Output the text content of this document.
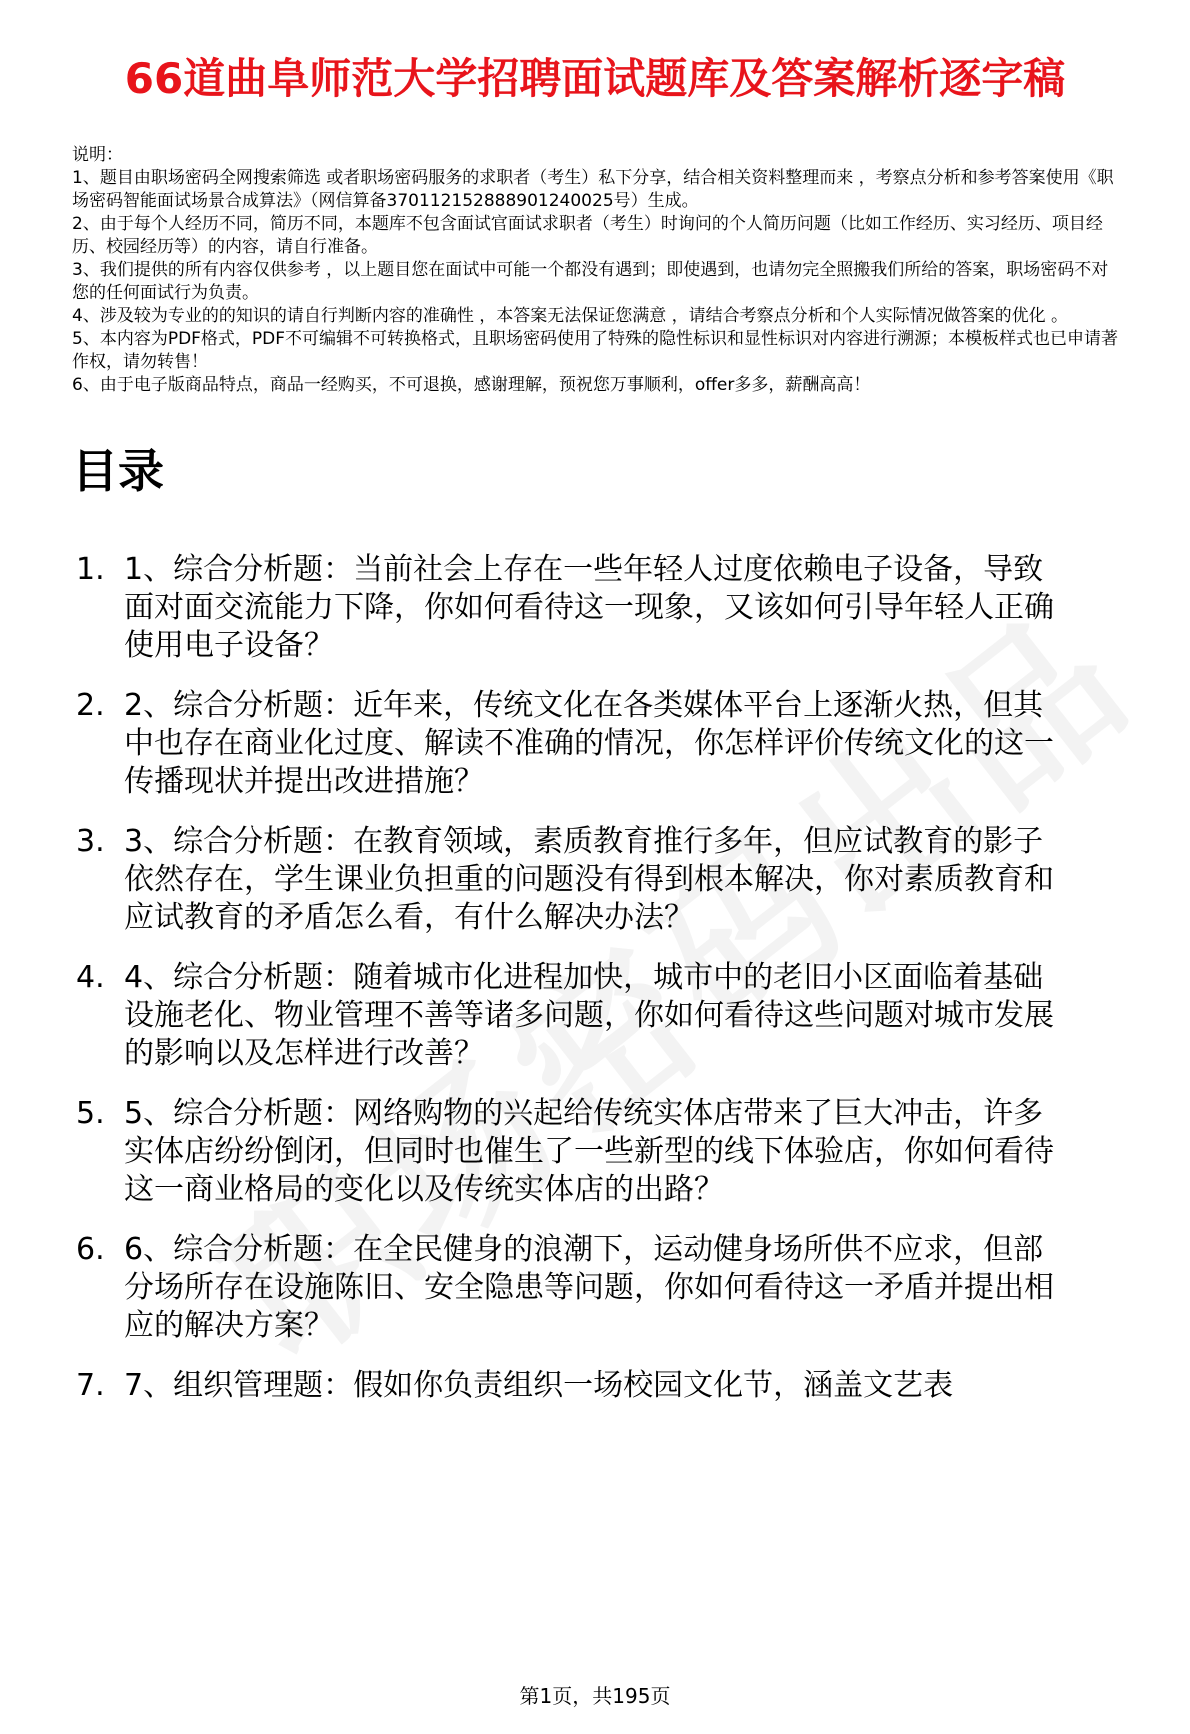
66道曲阜师范大学招聘面试题库及答案解析逐字稿

说明：

1、题目由职场密码全网搜索筛选 或者职场密码服务的求职者（考生）私下分享，结合相关资料整理而来 ，考察点分析和参考答案使用《职场密码智能面试场景合成算法》（网信算备370112152888901240025号）生成。

2、由于每个人经历不同，简历不同，本题库不包含面试官面试求职者（考生）时询问的个人简历问题（比如工作经历、实习经历、项目经历、校园经历等）的内容，请自行准备。

3、我们提供的所有内容仅供参考 ，以上题目您在面试中可能一个都没有遇到；即使遇到，也请勿完全照搬我们所给的答案，职场密码不对您的任何面试行为负责。

4、涉及较为专业的的知识的请自行判断内容的准确性 ，本答案无法保证您满意 ，请结合考察点分析和个人实际情况做答案的优化 。

5、本内容为PDF格式，PDF不可编辑不可转换格式，且职场密码使用了特殊的隐性标识和显性标识对内容进行溯源；本模板样式也已申请著作权，请勿转售！

6、由于电子版商品特点，商品一经购买，不可退换，感谢理解，预祝您万事顺利，offer多多，薪酬高高！

目录
1. 1、综合分析题：当前社会上存在一些年轻人过度依赖电子设备，导致面对面交流能力下降，你如何看待这一现象，又该如何引导年轻人正确使用电子设备？
2. 2、综合分析题：近年来，传统文化在各类媒体平台上逐渐火热，但其中也存在商业化过度、解读不准确的情况，你怎样评价传统文化的这一传播现状并提出改进措施？
3. 3、综合分析题：在教育领域，素质教育推行多年，但应试教育的影子依然存在，学生课业负担重的问题没有得到根本解决，你对素质教育和应试教育的矛盾怎么看，有什么解决办法？
4. 4、综合分析题：随着城市化进程加快，城市中的老旧小区面临着基础设施老化、物业管理不善等诸多问题，你如何看待这些问题对城市发展的影响以及怎样进行改善？
5. 5、综合分析题：网络购物的兴起给传统实体店带来了巨大冲击，许多实体店纷纷倒闭，但同时也催生了一些新型的线下体验店，你如何看待这一商业格局的变化以及传统实体店的出路？
6. 6、综合分析题：在全民健身的浪潮下，运动健身场所供不应求，但部分场所存在设施陈旧、安全隐患等问题，你如何看待这一矛盾并提出相应的解决方案？
7. 7、组织管理题：假如你负责组织一场校园文化节，涵盖文艺表
第1页，共195页
